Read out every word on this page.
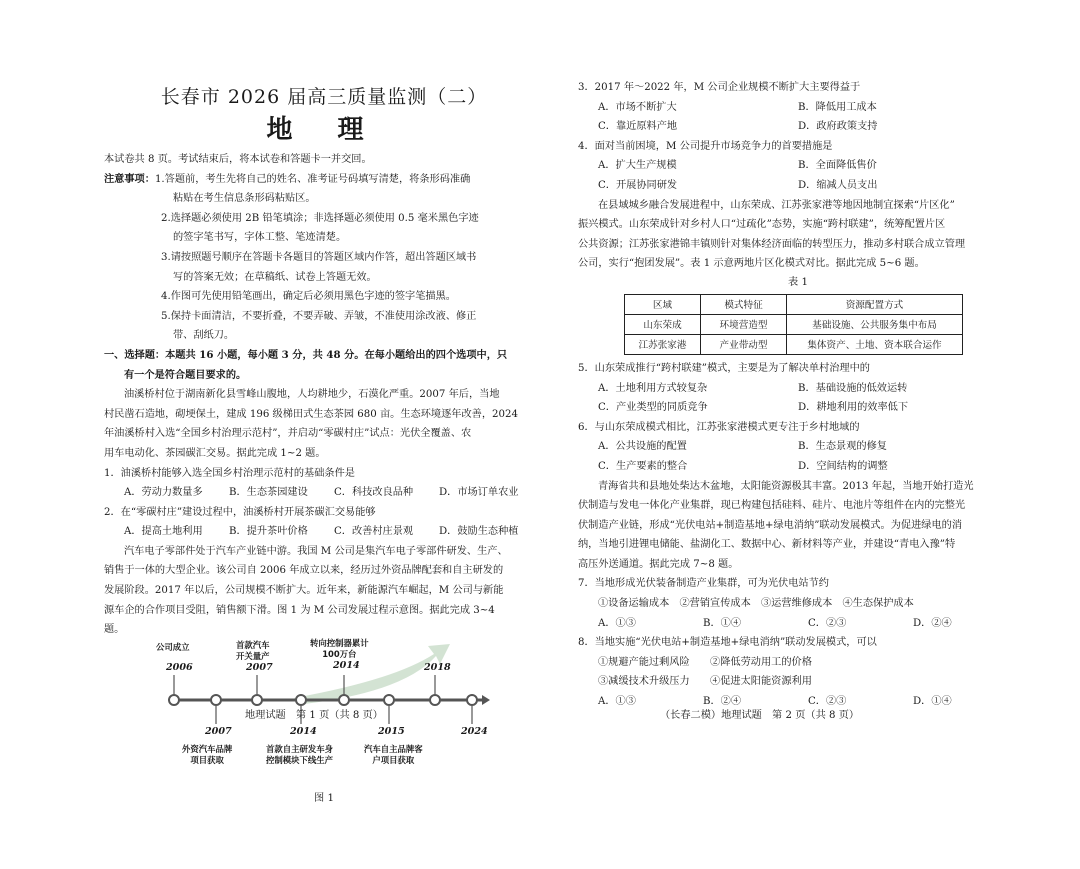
长春市 2026 届高三质量监测（二）
地 理
本试卷共 8 页。考试结束后，将本试卷和答题卡一并交回。
注意事项：1.答题前，考生先将自己的姓名、准考证号码填写清楚，将条形码准确
粘贴在考生信息条形码粘贴区。
2.选择题必须使用 2B 铅笔填涂；非选择题必须使用 0.5 毫米黑色字迹
的签字笔书写，字体工整、笔迹清楚。
3.请按照题号顺序在答题卡各题目的答题区域内作答，超出答题区域书
写的答案无效；在草稿纸、试卷上答题无效。
4.作图可先使用铅笔画出，确定后必须用黑色字迹的签字笔描黑。
5.保持卡面清洁，不要折叠，不要弄破、弄皱，不准使用涂改液、修正
带、刮纸刀。
一、选择题：本题共 16 小题，每小题 3 分，共 48 分。在每小题给出的四个选项中，只
有一个是符合题目要求的。
油溪桥村位于湖南新化县雪峰山腹地，人均耕地少，石漠化严重。2007 年后，当地
村民凿石造地，砌埂保土，建成 196 级梯田式生态茶园 680 亩。生态环境逐年改善，2024
年油溪桥村入选“全国乡村治理示范村”，并启动“零碳村庄”试点：光伏全覆盖、农
用车电动化、茶园碳汇交易。据此完成 1~2 题。
1．油溪桥村能够入选全国乡村治理示范村的基础条件是
A．劳动力数量多	B．生态茶园建设	C．科技改良品种	D．市场订单农业
2．在“零碳村庄”建设过程中，油溪桥村开展茶碳汇交易能够
A．提高土地利用	B．提升茶叶价格	C．改善村庄景观	D．鼓励生态种植
汽车电子零部件处于汽车产业链中游。我国 M 公司是集汽车电子零部件研发、生产、
销售于一体的大型企业。该公司自 2006 年成立以来，经历过外资品牌配套和自主研发的
发展阶段。2017 年以后，公司规模不断扩大。近年来，新能源汽车崛起，M 公司与新能
源车企的合作项目受阻，销售额下滑。图 1 为 M 公司发展过程示意图。据此完成 3~4
题。
公司成立
2006
首款汽车
开关量产
2007
转向控制器累计
100万台
2014	2018
2007
外资汽车品牌
项目获取
2014
首款自主研发车身
控制模块下线生产
2015
汽车自主品牌客
户项目获取
2024
图 1
地理试题　第 1 页（共 8 页）
3．2017 年～2022 年，M 公司企业规模不断扩大主要得益于
A．市场不断扩大	B．降低用工成本
C．靠近原料产地	D．政府政策支持
4．面对当前困境，M 公司提升市场竞争力的首要措施是
A．扩大生产规模	B．全面降低售价
C．开展协同研发	D．缩减人员支出
在县域城乡融合发展进程中，山东荣成、江苏张家港等地因地制宜探索“片区化”
振兴模式。山东荣成针对乡村人口“过疏化”态势，实施“跨村联建”，统筹配置片区
公共资源；江苏张家港锦丰镇则针对集体经济面临的转型压力，推动多村联合成立管理
公司，实行“抱团发展”。表 1 示意两地片区化模式对比。据此完成 5~6 题。
表 1
区域	模式特征	资源配置方式
山东荣成	环境营造型	基础设施、公共服务集中布局
江苏张家港	产业带动型	集体资产、土地、资本联合运作
5．山东荣成推行“跨村联建”模式，主要是为了解决单村治理中的
A．土地利用方式较复杂	B．基础设施的低效运转
C．产业类型的同质竞争	D．耕地利用的效率低下
6．与山东荣成模式相比，江苏张家港模式更专注于乡村地域的
A．公共设施的配置	B．生态景观的修复
C．生产要素的整合	D．空间结构的调整
青海省共和县地处柴达木盆地，太阳能资源极其丰富。2013 年起，当地开始打造光
伏制造与发电一体化产业集群，现已构建包括硅料、硅片、电池片等组件在内的完整光
伏制造产业链，形成“光伏电站+制造基地+绿电消纳”联动发展模式。为促进绿电的消
纳，当地引进锂电储能、盐湖化工、数据中心、新材料等产业，并建设“青电入豫”特
高压外送通道。据此完成 7~8 题。
7．当地形成光伏装备制造产业集群，可为光伏电站节约
①设备运输成本　②营销宣传成本　③运营维修成本　④生态保护成本
A．①③	B．①④	C．②③	D．②④
8．当地实施“光伏电站+制造基地+绿电消纳”联动发展模式，可以
①规避产能过剩风险　　②降低劳动用工的价格
③减缓技术升级压力　　④促进太阳能资源利用
A．①③	B．②④	C．②③	D．①④
（长春二模）地理试题　第 2 页（共 8 页）
